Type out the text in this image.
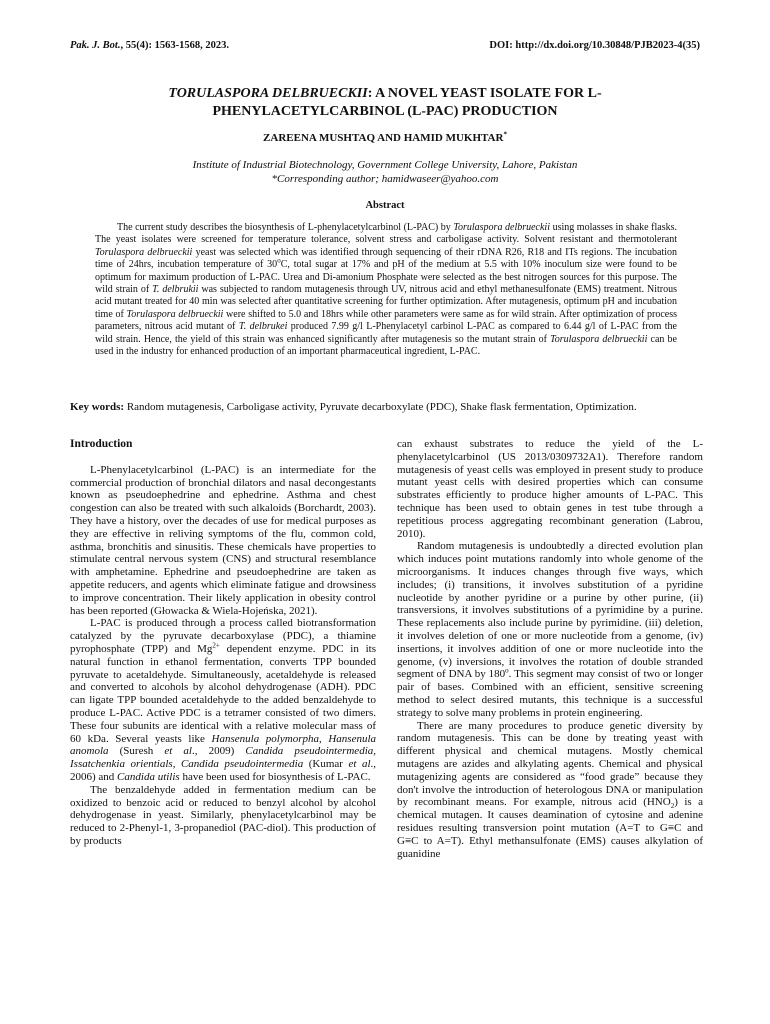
Pak. J. Bot., 55(4): 1563-1568, 2023.	DOI: http://dx.doi.org/10.30848/PJB2023-4(35)
TORULASPORA DELBRUECKII: A NOVEL YEAST ISOLATE FOR L-
PHENYLACETYLCARBINOL (L-PAC) PRODUCTION
ZAREENA MUSHTAQ AND HAMID MUKHTAR*
Institute of Industrial Biotechnology, Government College University, Lahore, Pakistan
*Corresponding author; hamidwaseer@yahoo.com
Abstract

The current study describes the biosynthesis of L-phenylacetylcarbinol (L-PAC) by Torulaspora delbrueckii using molasses in shake flasks. The yeast isolates were screened for temperature tolerance, solvent stress and carboligase activity. Solvent resistant and thermotolerant Torulaspora delbrueckii yeast was selected which was identified through sequencing of their rDNA R26, R18 and ITs regions. The incubation time of 24hrs, incubation temperature of 30$^o$C, total sugar at 17% and pH of the medium at 5.5 with 10% inoculum size were found to be optimum for maximum production of L-PAC. Urea and Di-amonium Phosphate were selected as the best nitrogen sources for this purpose. The wild strain of T. delbrukii was subjected to random mutagenesis through UV, nitrous acid and ethyl methanesulfonate (EMS) treatment. Nitrous acid mutant treated for 40 min was selected after quantitative screening for further optimization. After mutagenesis, optimum pH and incubation time of Torulaspora delbrueckii were shifted to 5.0 and 18hrs while other parameters were same as for wild strain. After optimization of process parameters, nitrous acid mutant of T. delbrukei produced 7.99 g/l L-Phenylacetyl carbinol L-PAC as compared to 6.44 g/l of L-PAC from the wild strain. Hence, the yield of this strain was enhanced significantly after mutagenesis so the mutant strain of Torulaspora delbrueckii can be used in the industry for enhanced production of an important pharmaceutical ingredient, L-PAC.

Key words: Random mutagenesis, Carboligase activity, Pyruvate decarboxylate (PDC), Shake flask fermentation, Optimization.

Introduction

L-Phenylacetylcarbinol (L-PAC) is an intermediate for the commercial production of bronchial dilators and nasal decongestants known as pseudoephedrine and ephedrine. Asthma and chest congestion can also be treated with such alkaloids (Borchardt, 2003). They have a history, over the decades of use for medical purposes as they are effective in reliving symptoms of the flu, common cold, asthma, bronchitis and sinusitis. These chemicals have properties to stimulate central nervous system (CNS) and structural resemblance with amphetamine. Ephedrine and pseudoephedrine are taken as appetite reducers, and agents which eliminate fatigue and drowsiness to improve concentration. Their likely application in obesity control has been reported (Głowacka & Wiela-Hojeńska, 2021).

L-PAC is produced through a process called biotransformation catalyzed by the pyruvate decarboxylase (PDC), a thiamine pyrophosphate (TPP) and $Mg^{2+}$ dependent enzyme. PDC in its natural function in ethanol fermentation, converts TPP bounded pyruvate to acetaldehyde. Simultaneously, acetaldehyde is released and converted to alcohols by alcohol dehydrogenase (ADH). PDC can ligate TPP bounded acetaldehyde to the added benzaldehyde to produce L-PAC. Active PDC is a tetramer consisted of two dimers. These four subunits are identical with a relative molecular mass of 60 kDa. Several yeasts like Hansenula polymorpha, Hansenula anomola (Suresh et al., 2009) Candida pseudointermedia, Issatchenkia orientials, Candida pseudointermedia (Kumar et al., 2006) and Candida utilis have been used for biosynthesis of L-PAC.

The benzaldehyde added in fermentation medium can be oxidized to benzoic acid or reduced to benzyl alcohol by alcohol dehydrogenase in yeast. Similarly, phenylacetylcarbinol may be reduced to 2-Phenyl-1, 3-propanediol (PAC-diol). This production of by products

can exhaust substrates to reduce the yield of the L-phenylacetylcarbinol (US 2013/0309732A1). Therefore random mutagenesis of yeast cells was employed in present study to produce mutant yeast cells with desired properties which can consume substrates efficiently to produce higher amounts of L-PAC. This technique has been used to obtain genes in test tube through a repetitious process aggregating recombinant generation (Labrou, 2010).

Random mutagenesis is undoubtedly a directed evolution plan which induces point mutations randomly into whole genome of the microorganisms. It induces changes through five ways, which includes; (i) transitions, it involves substitution of a pyridine nucleotide by another pyridine or a purine by other purine, (ii) transversions, it involves substitutions of a pyrimidine by a purine. These replacements also include purine by pyrimidine. (iii) deletion, it involves deletion of one or more nucleotide from a genome, (iv) insertions, it involves addition of one or more nucleotide into the genome, (v) inversions, it involves the rotation of double stranded segment of DNA by 180$^o$. This segment may consist of two or longer pair of bases. Combined with an efficient, sensitive screening method to select desired mutants, this technique is a successful strategy to solve many problems in protein engineering.

There are many procedures to produce genetic diversity by random mutagenesis. This can be done by treating yeast with different physical and chemical mutagens. Mostly chemical mutagens are azides and alkylating agents. Chemical and physical mutagenizing agents are considered as “food grade” because they don't involve the introduction of heterologous DNA or manipulation by recombinant means. For example, nitrous acid $(HNO_2)$ is a chemical mutagen. It causes deamination of cytosine and adenine residues resulting transversion point mutation (A=T to G≡C and G≡C to A=T). Ethyl methansulfonate (EMS) causes alkylation of guanidine
